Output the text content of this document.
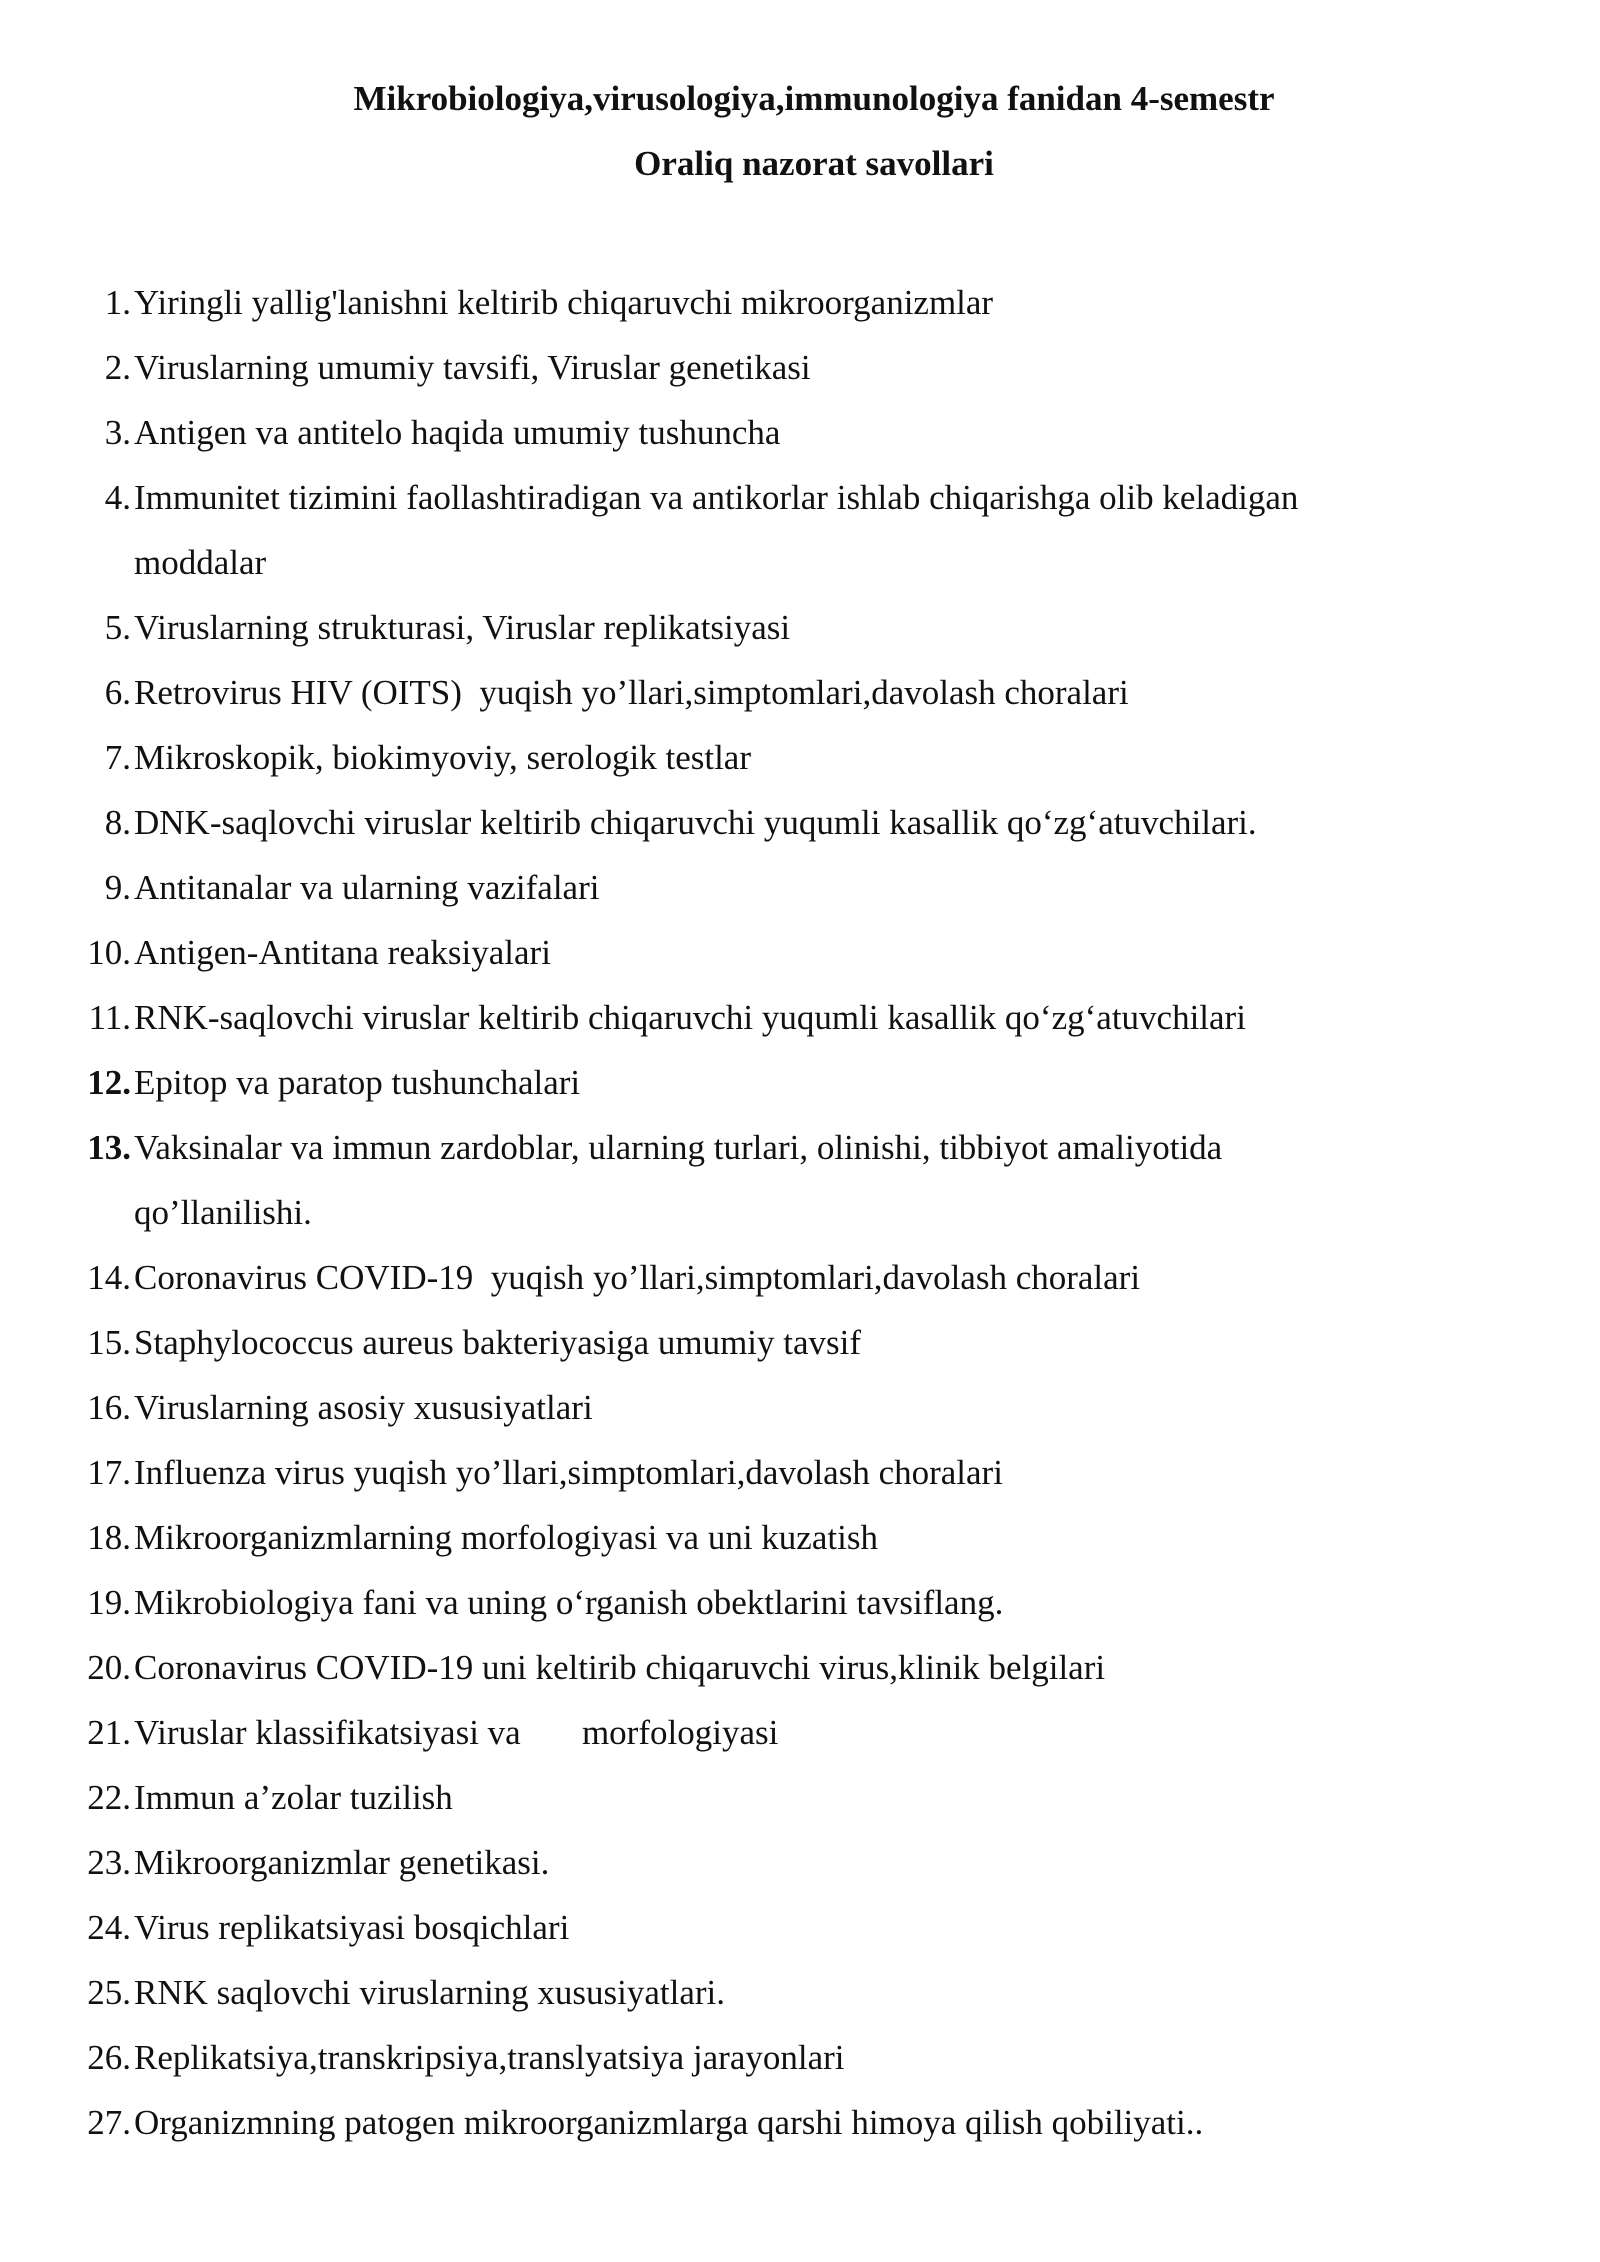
Mikrobiologiya,virusologiya,immunologiya fanidan 4-semestr
Oraliq nazorat savollari
1. Yiringli yallig'lanishni keltirib chiqaruvchi mikroorganizmlar
2. Viruslarning umumiy tavsifi, Viruslar genetikasi
3. Antigen va antitelo haqida umumiy tushuncha
4. Immunitet tizimini faollashtiradigan va antikorlar ishlab chiqarishga olib keladigan
moddalar
5. Viruslarning strukturasi, Viruslar replikatsiyasi
6. Retrovirus HIV (OITS)  yuqish yo’llari,simptomlari,davolash choralari
7. Mikroskopik, biokimyoviy, serologik testlar
8. DNK-saqlovchi viruslar keltirib chiqaruvchi yuqumli kasallik qo‘zg‘atuvchilari.
9. Antitanalar va ularning vazifalari
10. Antigen-Antitana reaksiyalari
11. RNK-saqlovchi viruslar keltirib chiqaruvchi yuqumli kasallik qo‘zg‘atuvchilari
12. Epitop va paratop tushunchalari
13. Vaksinalar va immun zardoblar, ularning turlari, olinishi, tibbiyot amaliyotida
qo’llanilishi.
14. Coronavirus COVID-19  yuqish yo’llari,simptomlari,davolash choralari
15. Staphylococcus aureus bakteriyasiga umumiy tavsif
16. Viruslarning asosiy xususiyatlari
17. Influenza virus yuqish yo’llari,simptomlari,davolash choralari
18. Mikroorganizmlarning morfologiyasi va uni kuzatish
19. Mikrobiologiya fani va uning o‘rganish obektlarini tavsiflang.
20. Coronavirus COVID-19 uni keltirib chiqaruvchi virus,klinik belgilari
21. Viruslar klassifikatsiyasi va       morfologiyasi
22. Immun a’zolar tuzilish
23. Mikroorganizmlar genetikasi.
24. Virus replikatsiyasi bosqichlari
25. RNK saqlovchi viruslarning xususiyatlari.
26. Replikatsiya,transkripsiya,translyatsiya jarayonlari
27. Organizmning patogen mikroorganizmlarga qarshi himoya qilish qobiliyati..
